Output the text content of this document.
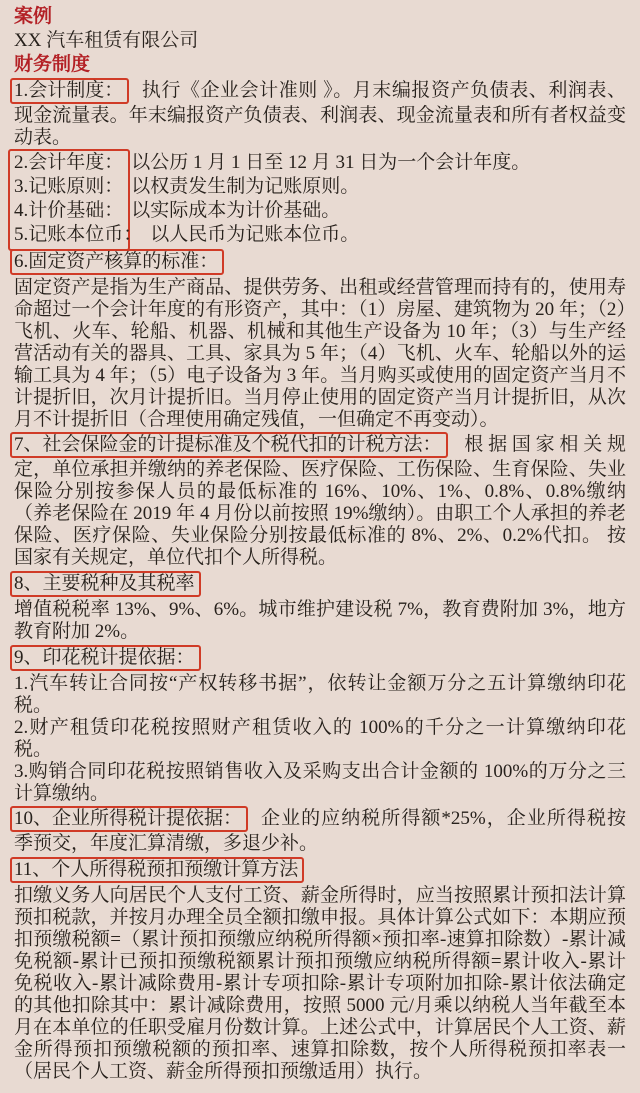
案例
XX 汽车租赁有限公司
财务制度

1.会计制度： 执行《企业会计准则 》。月末编报资产负债表、利润表、现金流量表。年末编报资产负债表、利润表、现金流量表和所有者权益变动表。

2.会计年度： 以公历 1 月 1 日至 12 月 31 日为一个会计年度。
3.记账原则： 以权责发生制为记账原则。
4.计价基础： 以实际成本为计价基础。
5.记账本位币： 以人民币为记账本位币。
6.固定资产核算的标准：

固定资产是指为生产商品、提供劳务、出租或经营管理而持有的，使用寿命超过一个会计年度的有形资产，其中：（1）房屋、建筑物为 20 年；（2）飞机、火车、轮船、机器、机械和其他生产设备为 10 年；（3）与生产经营活动有关的器具、工具、家具为 5 年；（4）飞机、火车、轮船以外的运输工具为 4 年；（5）电子设备为 3 年。当月购买或使用的固定资产当月不计提折旧，次月计提折旧。当月停止使用的固定资产当月计提折旧，从次月不计提折旧（合理使用确定残值，一但确定不再变动）。

7、社会保险金的计提标准及个税代扣的计税方法： 根据国家相关规定，单位承担并缴纳的养老保险、医疗保险、工伤保险、生育保险、失业保险分别按参保人员的最低标准的 16%、10%、1%、0.8%、0.8%缴纳（养老保险在 2019 年 4 月份以前按照 19%缴纳）。由职工个人承担的养老保险、医疗保险、失业保险分别按最低标准的 8%、2%、0.2%代扣。 按国家有关规定，单位代扣个人所得税。

8、主要税种及其税率

增值税税率 13%、9%、6%。城市维护建设税 7%，教育费附加 3%，地方教育附加 2%。

9、印花税计提依据：

1.汽车转让合同按“产权转移书据”，依转让金额万分之五计算缴纳印花税。

2.财产租赁印花税按照财产租赁收入的 100%的千分之一计算缴纳印花税。

3.购销合同印花税按照销售收入及采购支出合计金额的 100%的万分之三计算缴纳。

10、企业所得税计提依据： 企业的应纳税所得额*25%，企业所得税按季预交，年度汇算清缴，多退少补。

11、个人所得税预扣预缴计算方法

扣缴义务人向居民个人支付工资、薪金所得时，应当按照累计预扣法计算预扣税款，并按月办理全员全额扣缴申报。具体计算公式如下：本期应预扣预缴税额=（累计预扣预缴应纳税所得额×预扣率-速算扣除数）-累计减免税额-累计已预扣预缴税额累计预扣预缴应纳税所得额=累计收入-累计免税收入-累计减除费用-累计专项扣除-累计专项附加扣除-累计依法确定的其他扣除其中：累计减除费用，按照 5000 元/月乘以纳税人当年截至本月在本单位的任职受雇月份数计算。上述公式中，计算居民个人工资、薪金所得预扣预缴税额的预扣率、速算扣除数，按个人所得税预扣率表一（居民个人工资、薪金所得预扣预缴适用）执行。
